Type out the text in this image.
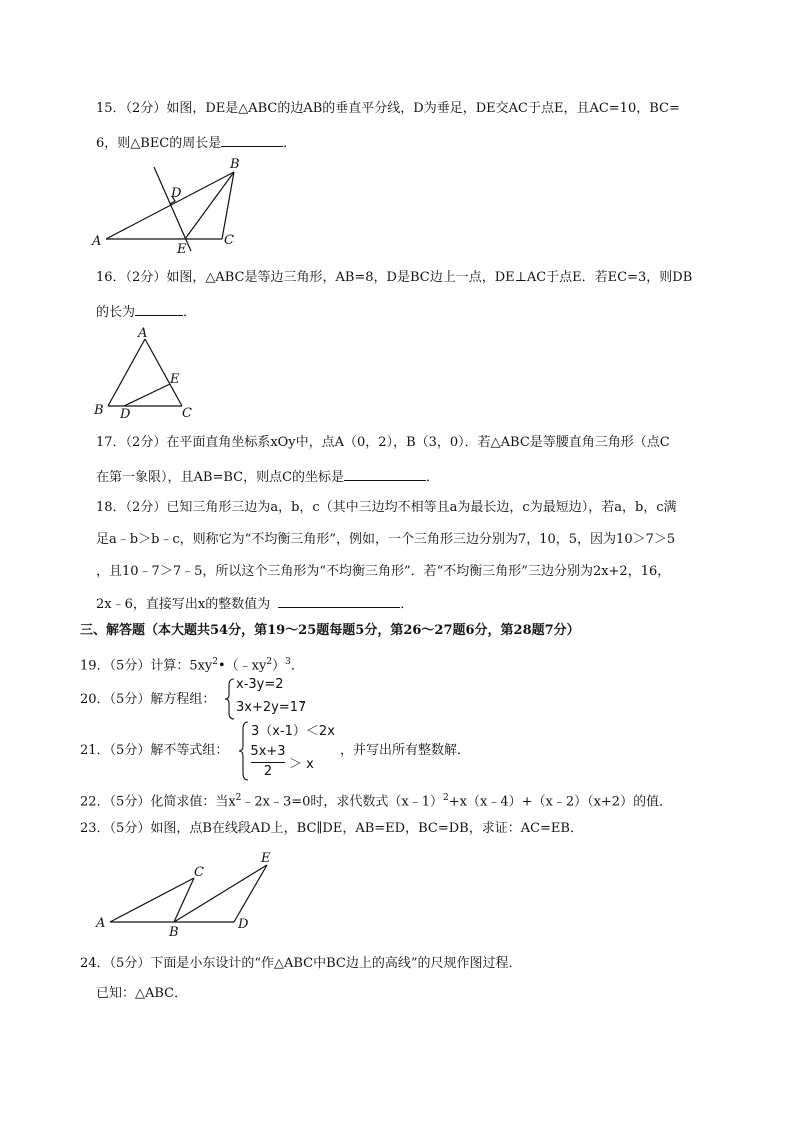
15．（2分）如图，DE是△ABC的边AB的垂直平分线，D为垂足，DE交AC于点E，且AC=10，BC=
6，则△BEC的周长是	．
A
B
C
D
E
16．（2分）如图，△ABC是等边三角形，AB=8，D是BC边上一点，DE⊥AC于点E．若EC=3，则DB
的长为	．
A
B	C
D
E
17．（2分）在平面直角坐标系xOy中，点A（0，2），B（3，0）．若△ABC是等腰直角三角形（点C
在第一象限），且AB=BC，则点C的坐标是	．
18．（2分）已知三角形三边为a，b，c（其中三边均不相等且a为最长边，c为最短边），若a，b，c满
足a﹣b＞b﹣c，则称它为“不均衡三角形”，例如，一个三角形三边分别为7，10，5，因为10＞7＞5
，且10﹣7＞7﹣5，所以这个三角形为“不均衡三角形”．若“不均衡三角形”三边分别为2x+2，16，
2x﹣6，直接写出x的整数值为	．
三、解答题（本大题共54分，第19～25题每题5分，第26～27题6分，第28题7分）
19．（5分）计算：$5xy^2•(﹣xy^2)^3$．
20．（5分）解方程组：
x-3y=2
3x+2y=17
．
21．（5分）解不等式组：
3（x-1）＜2x
5x+3
2	＞ x
，并写出所有整数解．
22．（5分）化简求值：当$x^2﹣2x﹣3=0$时，求代数式（x﹣1）$^2$+x（x﹣4）+（x﹣2）（x+2）的值．
23．（5分）如图，点B在线段AD上，BC∥DE，AB=ED，BC=DB，求证：AC=EB．
A
B
C
D
E
24．（5分）下面是小东设计的“作△ABC中BC边上的高线”的尺规作图过程．
已知：△ABC．
